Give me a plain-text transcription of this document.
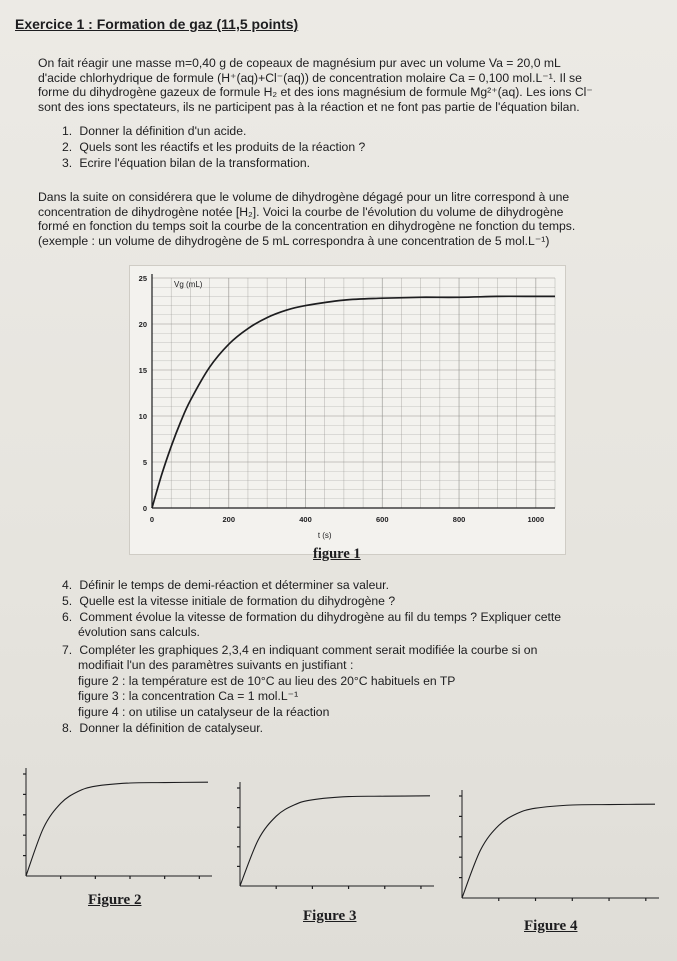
Exercice 1 : Formation de gaz (11,5 points)
On fait réagir une masse m=0,40 g de copeaux de magnésium pur avec un volume Va = 20,0 mL
d'acide chlorhydrique de formule (H⁺(aq)+Cl⁻(aq)) de concentration molaire Ca = 0,100 mol.L⁻¹. Il se
forme du dihydrogène gazeux de formule H₂ et des ions magnésium de formule Mg²⁺(aq). Les ions Cl⁻
sont des ions spectateurs, ils ne participent pas à la réaction et ne font pas partie de l'équation bilan.
1. Donner la définition d'un acide.
2. Quels sont les réactifs et les produits de la réaction ?
3. Ecrire l'équation bilan de la transformation.
Dans la suite on considérera que le volume de dihydrogène dégagé pour un litre correspond à une
concentration de dihydrogène notée [H₂]. Voici la courbe de l'évolution du volume de dihydrogène
formé en fonction du temps soit la courbe de la concentration en dihydrogène ne fonction du temps.
(exemple : un volume de dihydrogène de 5 mL correspondra à une concentration de 5 mol.L⁻¹)
0	200	400	600	800	1000
0
5
10
15
20
25
Vg (mL)
t (s)
figure 1
4. Définir le temps de demi-réaction et déterminer sa valeur.
5. Quelle est la vitesse initiale de formation du dihydrogène ?
6. Comment évolue la vitesse de formation du dihydrogène au fil du temps ? Expliquer cette
évolution sans calculs.
7. Compléter les graphiques 2,3,4 en indiquant comment serait modifiée la courbe si on
modifiait l'un des paramètres suivants en justifiant :
figure 2 : la température est de 10°C au lieu des 20°C habituels en TP
figure 3 : la concentration Ca = 1 mol.L⁻¹
figure 4 : on utilise un catalyseur de la réaction
8. Donner la définition de catalyseur.
Figure 2
Figure 3
Figure 4
